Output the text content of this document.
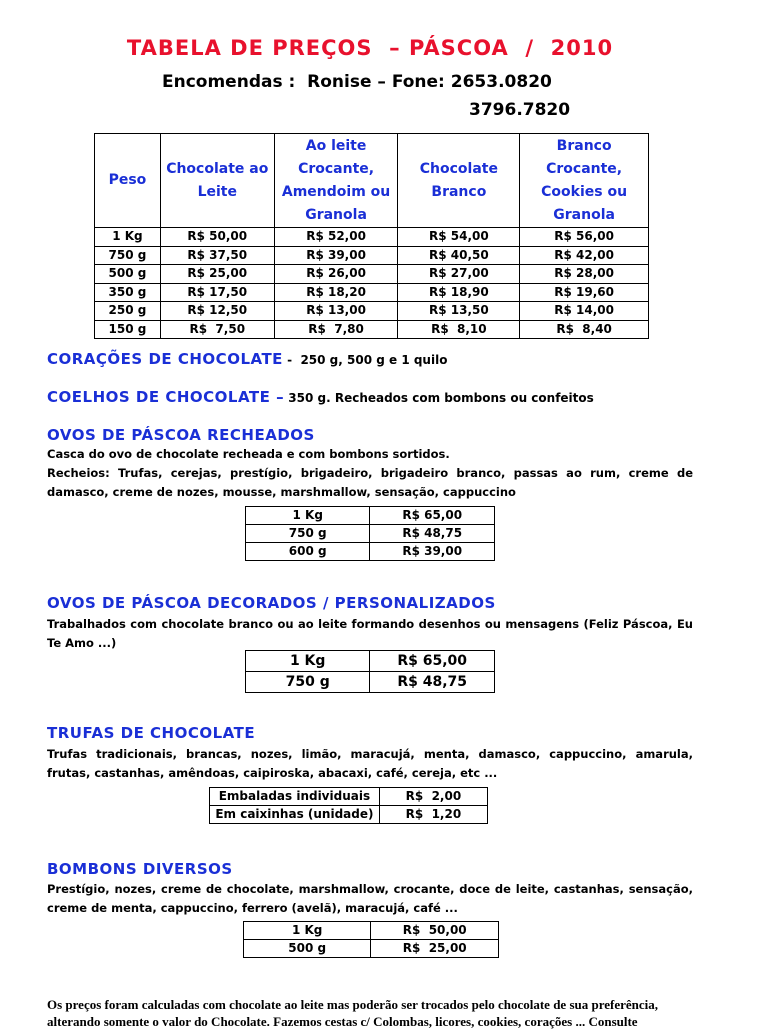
TABELA DE PREÇOS  – PÁSCOA  /  2010
Encomendas :  Ronise – Fone: 2653.0820
3796.7820
Peso	Chocolate ao Leite	Ao leite Crocante, Amendoim ou Granola	Chocolate Branco	Branco Crocante, Cookies ou Granola
1 Kg	R$ 50,00	R$ 52,00	R$ 54,00	R$ 56,00
750 g	R$ 37,50	R$ 39,00	R$ 40,50	R$ 42,00
500 g	R$ 25,00	R$ 26,00	R$ 27,00	R$ 28,00
350 g	R$ 17,50	R$ 18,20	R$ 18,90	R$ 19,60
250 g	R$ 12,50	R$ 13,00	R$ 13,50	R$ 14,00
150 g	R$  7,50	R$  7,80	R$  8,10	R$  8,40
CORAÇÕES DE CHOCOLATE -  250 g, 500 g e 1 quilo
COELHOS DE CHOCOLATE – 350 g. Recheados com bombons ou confeitos
OVOS DE PÁSCOA RECHEADOS
Casca do ovo de chocolate recheada e com bombons sortidos.
Recheios: Trufas, cerejas, prestígio, brigadeiro, brigadeiro branco, passas ao rum, creme de damasco, creme de nozes, mousse, marshmallow, sensação, cappuccino
1 Kg	R$ 65,00
750 g	R$ 48,75
600 g	R$ 39,00
OVOS DE PÁSCOA DECORADOS / PERSONALIZADOS
Trabalhados com chocolate branco ou ao leite formando desenhos ou mensagens (Feliz Páscoa, Eu Te Amo ...)
1 Kg	R$ 65,00
750 g	R$ 48,75
TRUFAS DE CHOCOLATE
Trufas tradicionais, brancas, nozes, limão, maracujá, menta, damasco, cappuccino, amarula, frutas, castanhas, amêndoas, caipiroska, abacaxi, café, cereja, etc ...
Embaladas individuais	R$  2,00
Em caixinhas (unidade)	R$  1,20
BOMBONS DIVERSOS
Prestígio, nozes, creme de chocolate, marshmallow, crocante, doce de leite, castanhas, sensação, creme de menta, cappuccino, ferrero (avelã), maracujá, café ...
1 Kg	R$  50,00
500 g	R$  25,00
Os preços foram calculadas com chocolate ao leite mas poderão ser trocados pelo chocolate de sua preferência,
alterando somente o valor do Chocolate. Fazemos cestas c/ Colombas, licores, cookies, corações ... Consulte
